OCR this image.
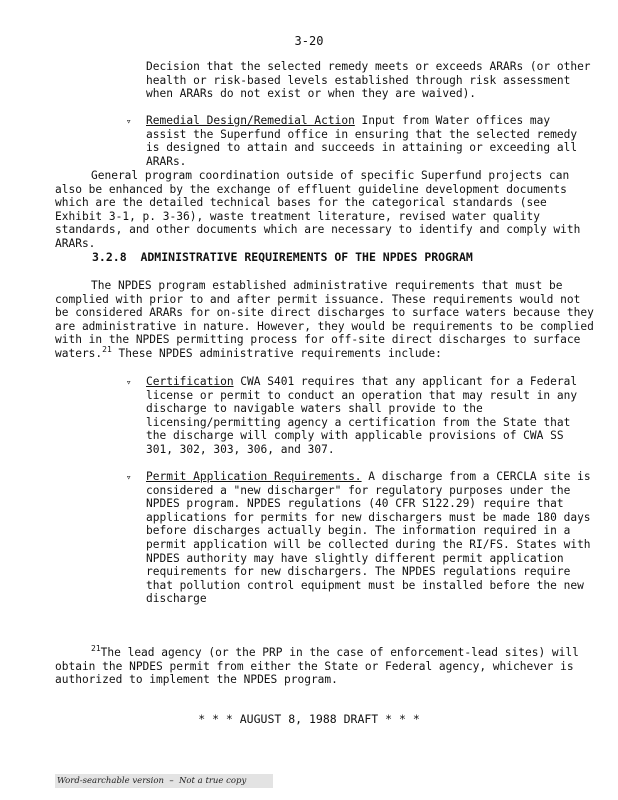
3-20
Decision that the selected remedy meets or exceeds ARARs (or other health or risk-based levels established through risk assessment when ARARs do not exist or when they are waived).
▿ Remedial Design/Remedial Action Input from Water offices may assist the Superfund office in ensuring that the selected remedy is designed to attain and succeeds in attaining or exceeding all ARARs.
General program coordination outside of specific Superfund projects can also be enhanced by the exchange of effluent guideline development documents which are the detailed technical bases for the categorical standards (see Exhibit 3-1, p. 3-36), waste treatment literature, revised water quality standards, and other documents which are necessary to identify and comply with ARARs.
3.2.8  ADMINISTRATIVE REQUIREMENTS OF THE NPDES PROGRAM
The NPDES program established administrative requirements that must be complied with prior to and after permit issuance. These requirements would not be considered ARARs for on-site direct discharges to surface waters because they are administrative in nature. However, they would be requirements to be complied with in the NPDES permitting process for off-site direct discharges to surface waters.$^{21}$ These NPDES administrative requirements include:
▿ Certification CWA S401 requires that any applicant for a Federal license or permit to conduct an operation that may result in any discharge to navigable waters shall provide to the licensing/permitting agency a certification from the State that the discharge will comply with applicable provisions of CWA SS 301, 302, 303, 306, and 307.
▿ Permit Application Requirements. A discharge from a CERCLA site is considered a "new discharger" for regulatory purposes under the NPDES program. NPDES regulations (40 CFR S122.29) require that applications for permits for new dischargers must be made 180 days before discharges actually begin. The information required in a permit application will be collected during the RI/FS. States with NPDES authority may have slightly different permit application requirements for new dischargers. The NPDES regulations require that pollution control equipment must be installed before the new discharge
$^{21}$The lead agency (or the PRP in the case of enforcement-lead sites) will obtain the NPDES permit from either the State or Federal agency, whichever is authorized to implement the NPDES program.
* * * AUGUST 8, 1988 DRAFT * * *
Word-searchable version  –  Not a true copy
